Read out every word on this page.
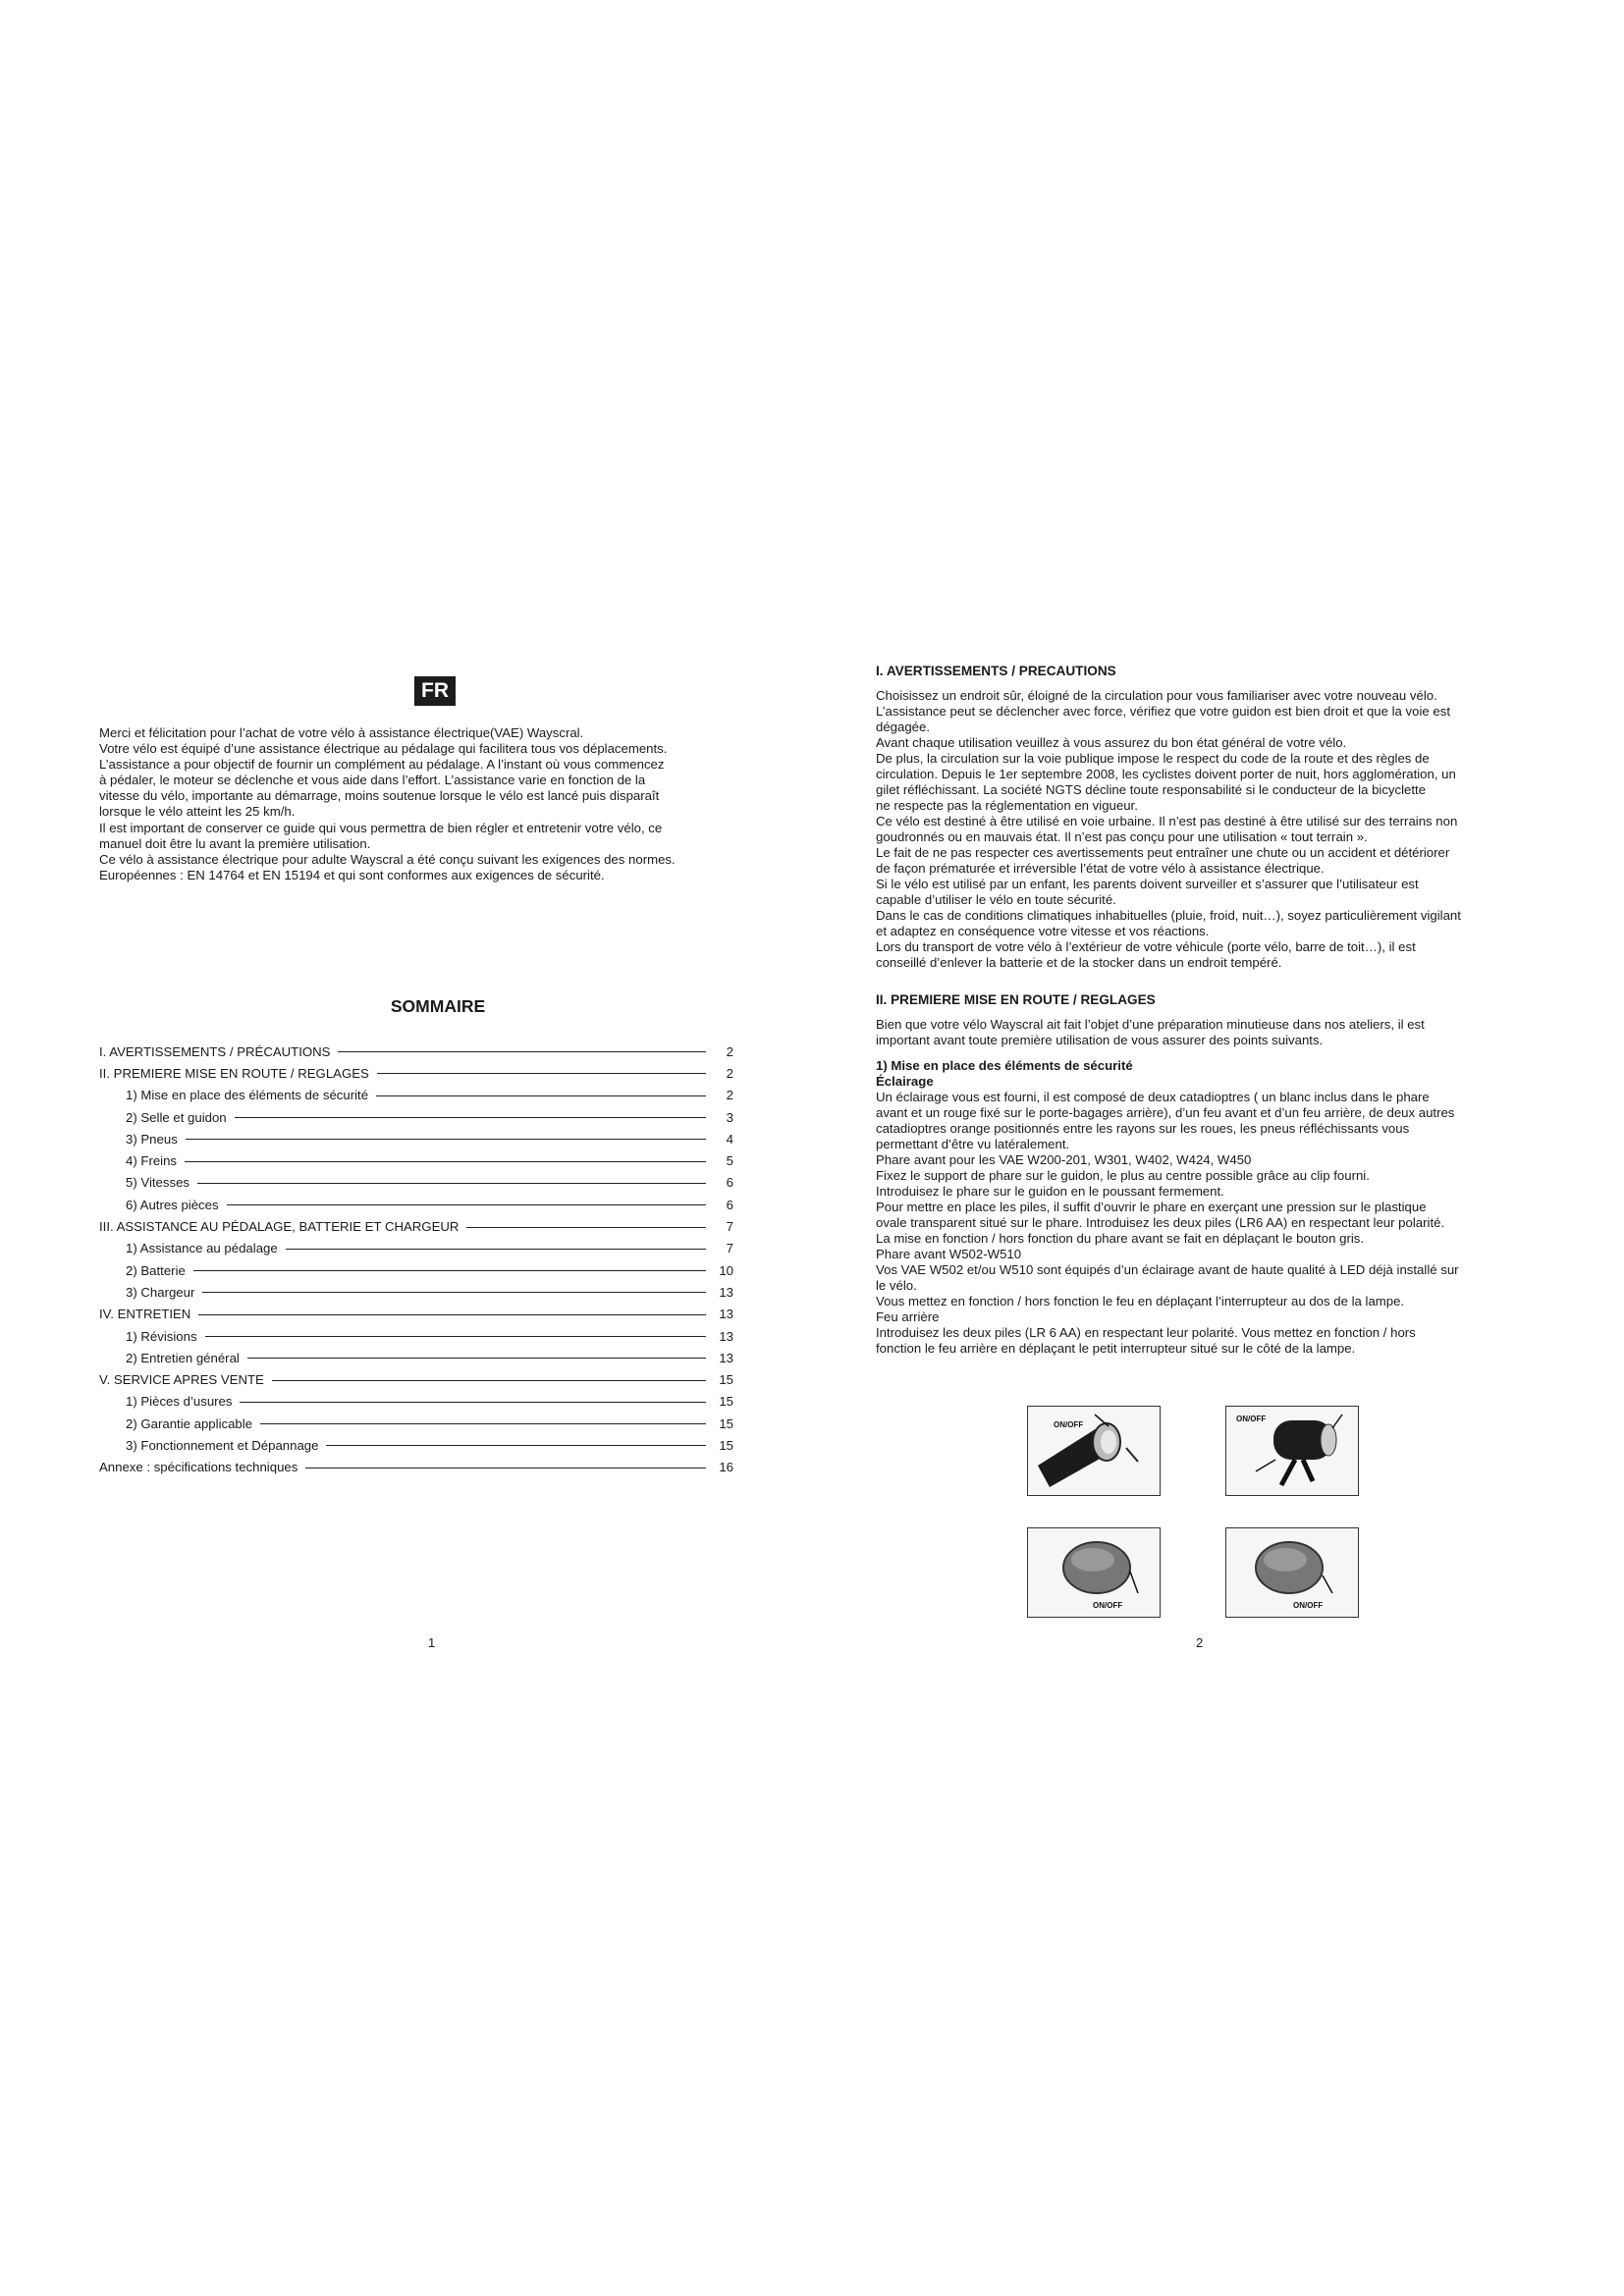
FR

Merci et félicitation pour l’achat de votre vélo à assistance électrique(VAE) Wayscral.

Votre vélo est équipé d’une assistance électrique au pédalage qui facilitera tous vos déplacements.

L’assistance a pour objectif de fournir un complément au pédalage. A l’instant où vous commencez

à pédaler, le moteur se déclenche et vous aide dans l’effort. L’assistance varie en fonction de la

vitesse du vélo, importante au démarrage, moins soutenue lorsque le vélo est lancé puis disparaît

lorsque le vélo atteint les 25 km/h.

Il est important de conserver ce guide qui vous permettra de bien régler et entretenir votre vélo, ce

manuel doit être lu avant la première utilisation.

Ce vélo à assistance électrique pour adulte Wayscral a été conçu suivant les exigences des normes.

Européennes : EN 14764 et EN 15194 et qui sont conformes aux exigences de sécurité.

SOMMAIRE
I. AVERTISSEMENTS / PRÉCAUTIONS	2
II. PREMIERE MISE EN ROUTE / REGLAGES	2
1) Mise en place des éléments de sécurité	2
2) Selle et guidon	3
3) Pneus	4
4) Freins	5
5) Vitesses	6
6) Autres pièces	6
III. ASSISTANCE AU PÉDALAGE, BATTERIE ET CHARGEUR	7
1) Assistance au pédalage	7
2) Batterie	10
3) Chargeur	13
IV. ENTRETIEN	13
1) Révisions	13
2) Entretien général	13
V. SERVICE APRES VENTE	15
1) Pièces d’usures	15
2) Garantie applicable	15
3) Fonctionnement et Dépannage	15
Annexe : spécifications techniques	16
1

I. AVERTISSEMENTS / PRECAUTIONS

Choisissez un endroit sûr, éloigné de la circulation pour vous familiariser avec votre nouveau vélo.

L’assistance peut se déclencher avec force, vérifiez que votre guidon est bien droit et que la voie est

dégagée.

Avant chaque utilisation veuillez à vous assurez du bon état général de votre vélo.

De plus, la circulation sur la voie publique impose le respect du code de la route et des règles de

circulation. Depuis le 1er septembre 2008, les cyclistes doivent porter de nuit, hors agglomération, un

gilet réfléchissant. La société NGTS décline toute responsabilité si le conducteur de la bicyclette

ne respecte pas la réglementation en vigueur.

Ce vélo est destiné à être utilisé en voie urbaine. Il n’est pas destiné à être utilisé sur des terrains non

goudronnés ou en mauvais état. Il n’est pas conçu pour une utilisation « tout terrain ».

Le fait de ne pas respecter ces avertissements peut entraîner une chute ou un accident et détériorer

de façon prématurée et irréversible l’état de votre vélo à assistance électrique.

Si le vélo est utilisé par un enfant, les parents doivent surveiller et s’assurer que l’utilisateur est

capable d’utiliser le vélo en toute sécurité.

Dans le cas de conditions climatiques inhabituelles (pluie, froid, nuit…), soyez particulièrement vigilant

et adaptez en conséquence votre vitesse et vos réactions.

Lors du transport de votre vélo à l’extérieur de votre véhicule (porte vélo, barre de toit…), il est

conseillé d’enlever la batterie et de la stocker dans un endroit tempéré.

II. PREMIERE MISE EN ROUTE / REGLAGES

Bien que votre vélo Wayscral ait fait l’objet d’une préparation minutieuse dans nos ateliers, il est

important avant toute première utilisation de vous assurer des points suivants.

1) Mise en place des éléments de sécurité

Éclairage

Un éclairage vous est fourni, il est composé de deux catadioptres ( un blanc inclus dans le phare

avant et un rouge fixé sur le porte-bagages arrière), d’un feu avant et d’un feu arrière, de deux autres

catadioptres orange positionnés entre les rayons sur les roues, les pneus réfléchissants vous

permettant d’être vu latéralement.

Phare avant pour les VAE W200-201, W301, W402, W424, W450

Fixez le support de phare sur le guidon, le plus au centre possible grâce au clip fourni.

Introduisez le phare sur le guidon en le poussant fermement.

Pour mettre en place les piles, il suffit d’ouvrir le phare en exerçant une pression sur le plastique

ovale transparent situé sur le phare. Introduisez les deux piles (LR6 AA) en respectant leur polarité.

La mise en fonction / hors fonction du phare avant se fait en déplaçant le bouton gris.

Phare avant W502-W510

Vos VAE W502 et/ou W510 sont équipés d’un éclairage avant de haute qualité à LED déjà installé sur

le vélo.

Vous mettez en fonction / hors fonction le feu en déplaçant l’interrupteur au dos de la lampe.

Feu arrière

Introduisez les deux piles (LR 6 AA) en respectant leur polarité. Vous mettez en fonction / hors

fonction le feu arrière en déplaçant le petit interrupteur situé sur le côté de la lampe.

ON/OFF
ON/OFF
ON/OFF	ON/OFF
2
